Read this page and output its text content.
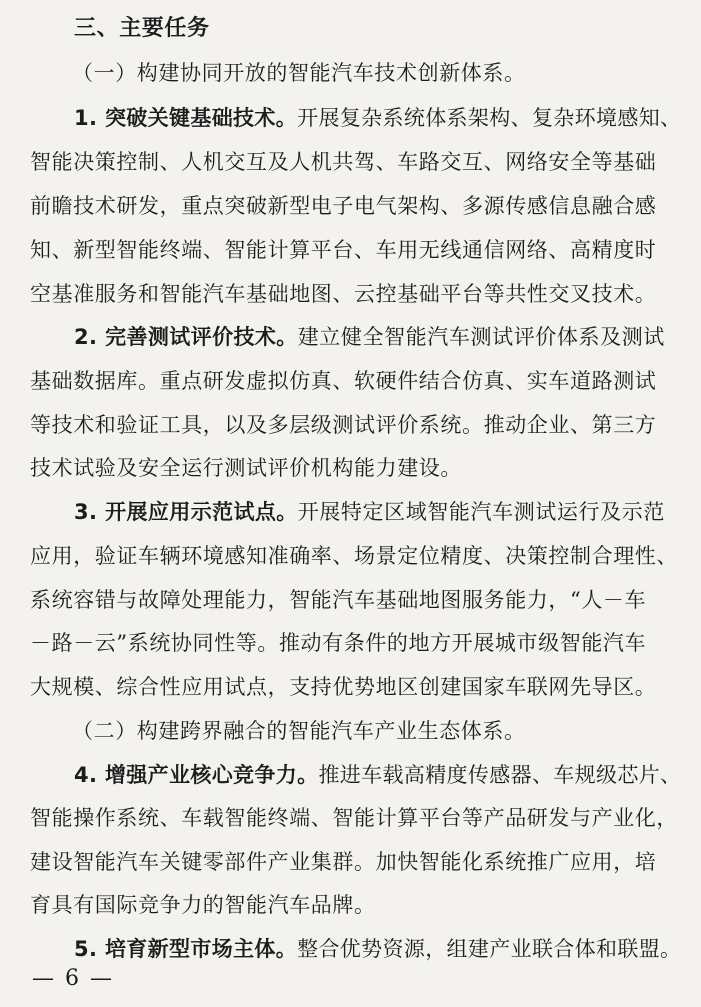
三、主要任务
（一）构建协同开放的智能汽车技术创新体系。
1. 突破关键基础技术。开展复杂系统体系架构、复杂环境感知、
智能决策控制、人机交互及人机共驾、车路交互、网络安全等基础
前瞻技术研发，重点突破新型电子电气架构、多源传感信息融合感
知、新型智能终端、智能计算平台、车用无线通信网络、高精度时
空基准服务和智能汽车基础地图、云控基础平台等共性交叉技术。
2. 完善测试评价技术。建立健全智能汽车测试评价体系及测试
基础数据库。重点研发虚拟仿真、软硬件结合仿真、实车道路测试
等技术和验证工具，以及多层级测试评价系统。推动企业、第三方
技术试验及安全运行测试评价机构能力建设。
3. 开展应用示范试点。开展特定区域智能汽车测试运行及示范
应用，验证车辆环境感知准确率、场景定位精度、决策控制合理性、
系统容错与故障处理能力，智能汽车基础地图服务能力，“人－车
－路－云”系统协同性等。推动有条件的地方开展城市级智能汽车
大规模、综合性应用试点，支持优势地区创建国家车联网先导区。
（二）构建跨界融合的智能汽车产业生态体系。
4. 增强产业核心竞争力。推进车载高精度传感器、车规级芯片、
智能操作系统、车载智能终端、智能计算平台等产品研发与产业化，
建设智能汽车关键零部件产业集群。加快智能化系统推广应用，培
育具有国际竞争力的智能汽车品牌。
5. 培育新型市场主体。整合优势资源，组建产业联合体和联盟。
— 6 —
